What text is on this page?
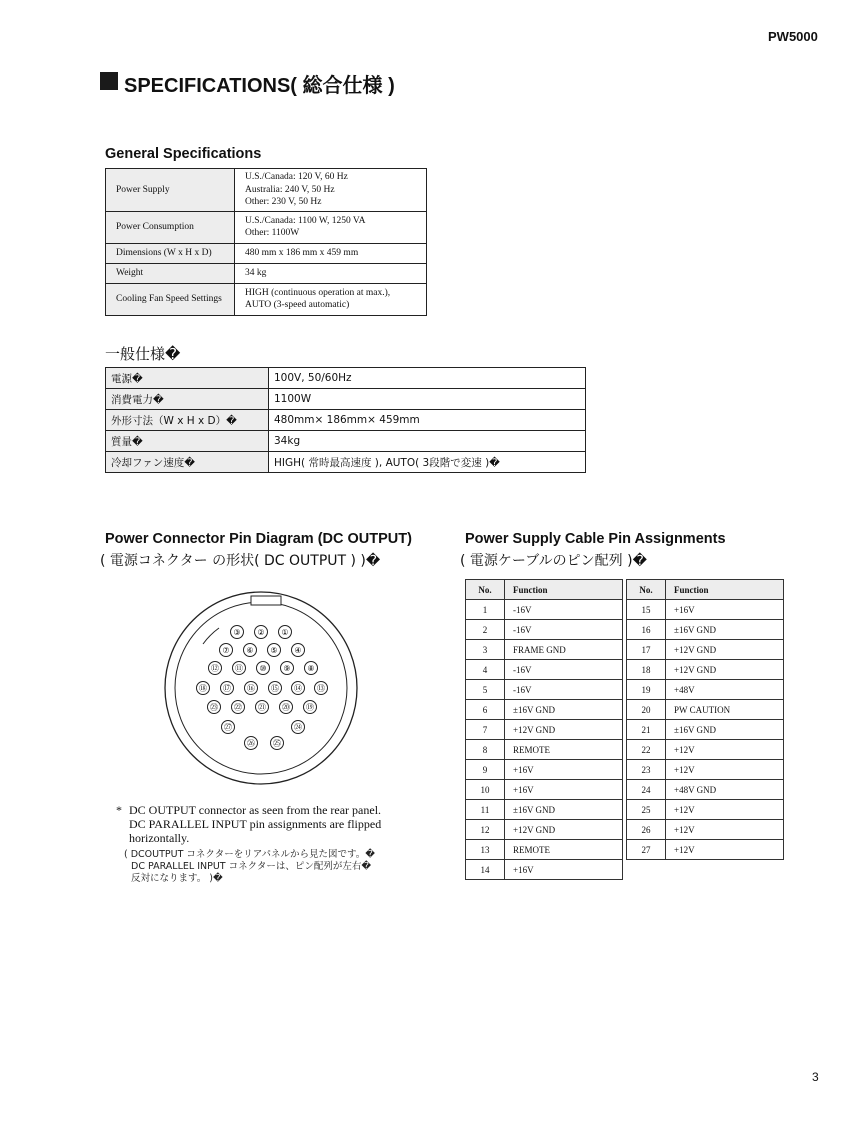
PW5000
SPECIFICATIONS( 総合仕様 )
General Specifications
Power Supply	U.S./Canada: 120 V, 60 Hz
Australia: 240 V, 50 Hz
Other: 230 V, 50 Hz

Power Consumption	U.S./Canada: 1100 W, 1250 VA
Other: 1100W

Dimensions (W x H x D)	480 mm x 186 mm x 459 mm

Weight	34 kg

Cooling Fan Speed Settings	HIGH (continuous operation at max.),
AUTO (3-speed automatic)
一般仕様�
電源�	100V, 50/60Hz
消費電力�	1100W
外形寸法（W x H x D）�	480mm× 186mm× 459mm
質量�	34kg
冷却ファン速度�	HIGH( 常時最高速度 ), AUTO( 3段階で変速 )�
Power Connector Pin Diagram (DC OUTPUT)
( 電源コネクター の形状( DC OUTPUT ) )�
①
②
③
④
⑤
⑥
⑦
⑧
⑨
⑩
⑪
⑫
⑬
⑭
⑮
⑯
⑰
⑱
⑲
⑳
㉑
㉒
㉓
㉔
㉕
㉖
㉗
* DC OUTPUT connector as seen from the rear panel.
DC PARALLEL INPUT pin assignments are flipped
horizontally.
( DCOUTPUT コネクターをリアパネルから見た図です。�
DC PARALLEL INPUT コネクターは、ピン配列が左右�
反対になります。 )�
Power Supply Cable Pin Assignments
( 電源ケーブルのピン配列 )�
No.	Function
1	-16V
2	-16V
3	FRAME GND
4	-16V
5	-16V
6	±16V GND
7	+12V GND
8	REMOTE
9	+16V
10	+16V
11	±16V GND
12	+12V GND
13	REMOTE
14	+16V
No.	Function
15	+16V
16	±16V GND
17	+12V GND
18	+12V GND
19	+48V
20	PW CAUTION
21	±16V GND
22	+12V
23	+12V
24	+48V GND
25	+12V
26	+12V
27	+12V
3
